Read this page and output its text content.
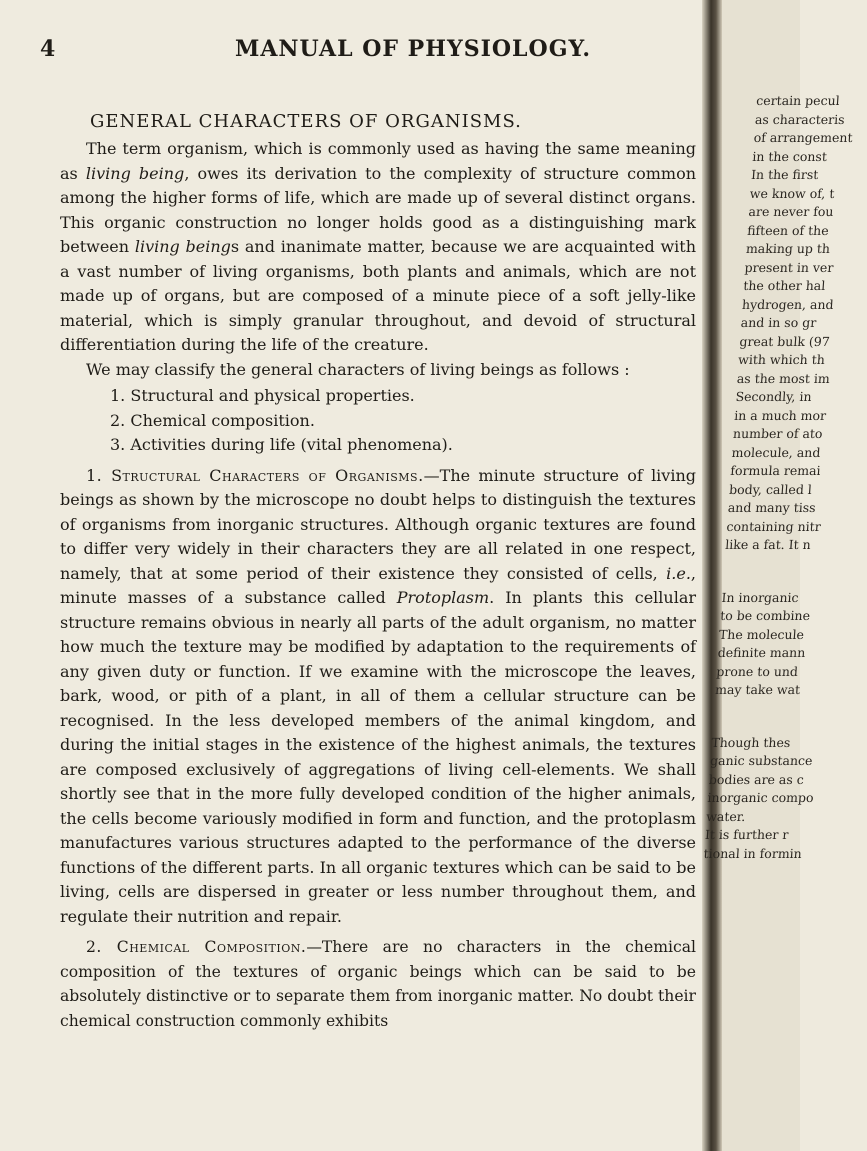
4	MANUAL OF PHYSIOLOGY.
GENERAL CHARACTERS OF ORGANISMS.

The term organism, which is commonly used as having the same meaning as living being, owes its derivation to the complexity of structure common among the higher forms of life, which are made up of several distinct organs. This organic construction no longer holds good as a distinguishing mark between living beings and inanimate matter, because we are acquainted with a vast number of living organisms, both plants and animals, which are not made up of organs, but are composed of a minute piece of a soft jelly-like material, which is simply granular throughout, and devoid of structural differentiation during the life of the creature.

We may classify the general characters of living beings as follows :

1. Structural and physical properties.
2. Chemical composition.
3. Activities during life (vital phenomena).

1. Structural Characters of Organisms.—The minute structure of living beings as shown by the microscope no doubt helps to distinguish the textures of organisms from inorganic structures. Although organic textures are found to differ very widely in their characters they are all related in one respect, namely, that at some period of their existence they consisted of cells, i.e., minute masses of a substance called Protoplasm. In plants this cellular structure remains obvious in nearly all parts of the adult organism, no matter how much the texture may be modified by adaptation to the requirements of any given duty or function. If we examine with the microscope the leaves, bark, wood, or pith of a plant, in all of them a cellular structure can be recognised. In the less developed members of the animal kingdom, and during the initial stages in the existence of the highest animals, the textures are composed exclusively of aggregations of living cell-elements. We shall shortly see that in the more fully developed condition of the higher animals, the cells become variously modified in form and function, and the protoplasm manufactures various structures adapted to the performance of the diverse functions of the different parts. In all organic textures which can be said to be living, cells are dispersed in greater or less number throughout them, and regulate their nutrition and repair.

2. Chemical Composition.—There are no characters in the chemical composition of the textures of organic beings which can be said to be absolutely distinctive or to separate them from inorganic matter. No doubt their chemical construction commonly exhibits

certain pecul
as characteris
of arrangement
in the const
In the first
we know of, t
are never fou
fifteen of the
making up th
present in ver
the other hal
hydrogen, and
and in so gr
great bulk (97
with which th
as the most im
Secondly, in
in a much mor
number of ato
molecule, and
formula remai
body, called l
and many tiss
containing nitr
like a fat. It n
In inorganic
to be combine
The molecule
definite mann
prone to und
may take wat
Though thes
ganic substance
bodies are as c
inorganic compo
water.
It is further r
tional in formin
